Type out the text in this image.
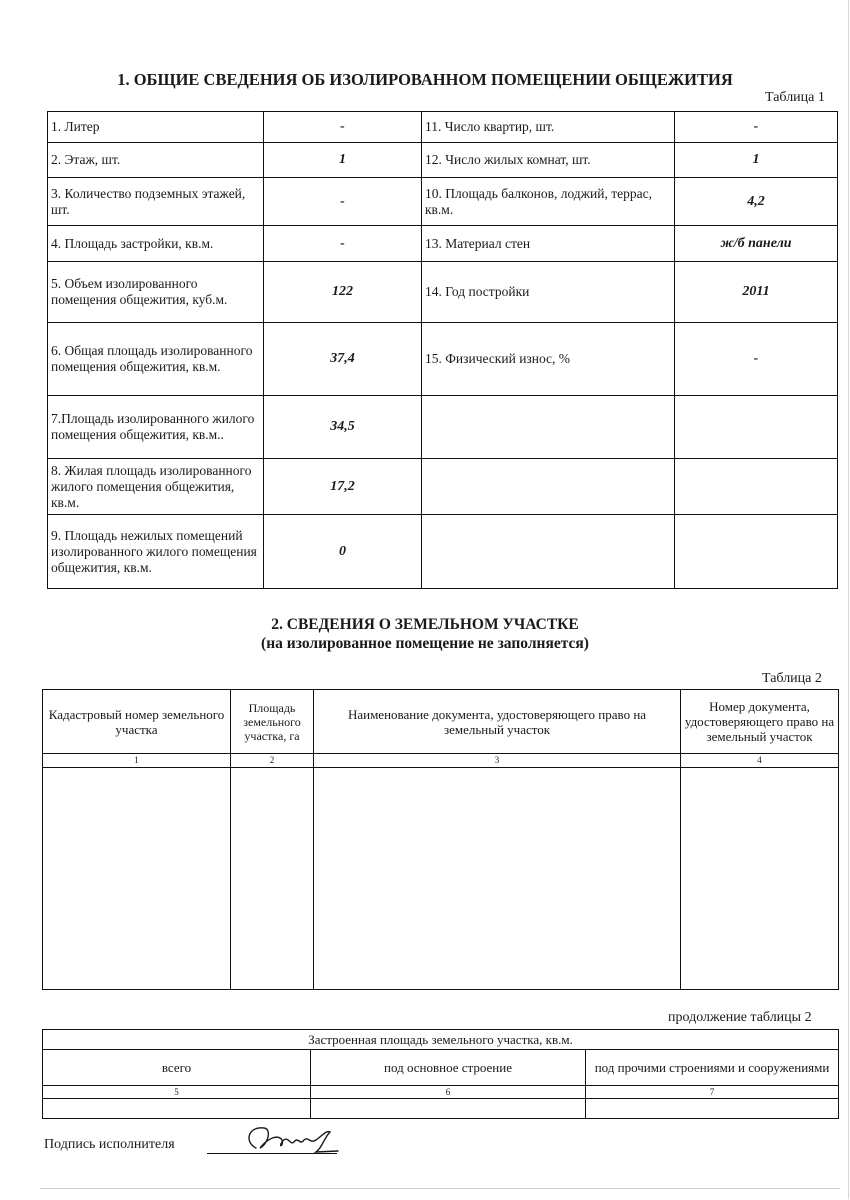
1. ОБЩИЕ СВЕДЕНИЯ ОБ ИЗОЛИРОВАННОМ ПОМЕЩЕНИИ ОБЩЕЖИТИЯ
Таблица 1
1. Литер	-	11. Число квартир, шт.	-
2. Этаж, шт.	1	12. Число жилых комнат, шт.	1
3. Количество подземных этажей, шт.	-	10. Площадь балконов, лоджий, террас, кв.м.	4,2
4. Площадь застройки, кв.м.	-	13. Материал стен	ж/б панели
5. Объем изолированного помещения общежития, куб.м.	122	14. Год постройки	2011
6. Общая площадь изолированного помещения общежития, кв.м.	37,4	15. Физический износ, %	-
7.Площадь изолированного жилого помещения общежития, кв.м..	34,5		
8. Жилая площадь изолированного жилого помещения общежития, кв.м.	17,2		
9. Площадь нежилых помещений изолированного жилого помещения общежития, кв.м.	0		
2. СВЕДЕНИЯ О ЗЕМЕЛЬНОМ УЧАСТКЕ
(на изолированное помещение не заполняется)
Таблица 2
Кадастровый номер земельного участка	Площадь земельного участка, га	Наименование документа, удостоверяющего право на земельный участок	Номер документа, удостоверяющего право на земельный участок
1	2	3	4

продолжение таблицы 2
Застроенная площадь земельного участка, кв.м.		
всего	под основное строение	под прочими строениями и сооружениями
5	6	7

Подпись исполнителя
